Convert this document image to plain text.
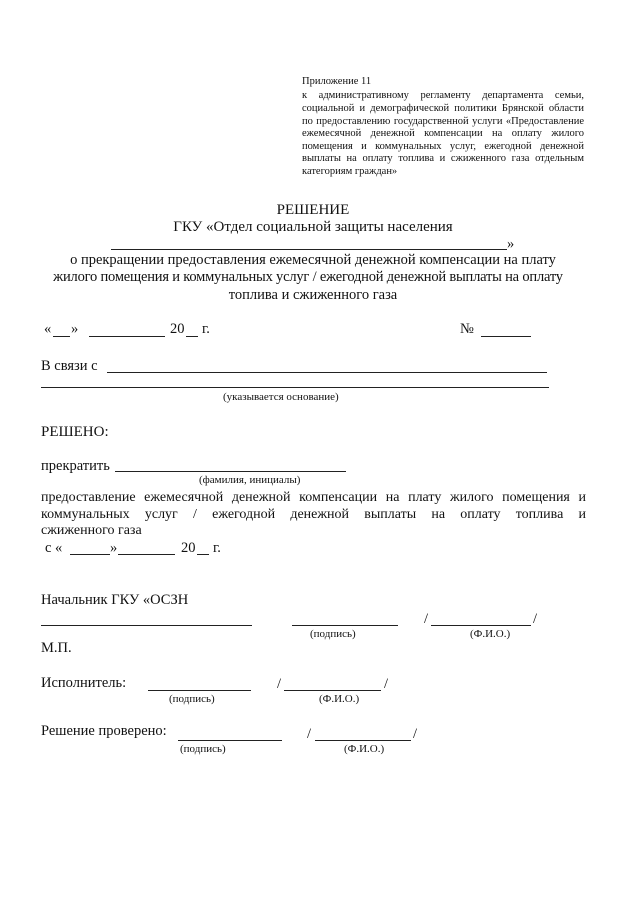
Приложение 11
к административному регламенту департамента семьи,
социальной и демографической политики Брянской области
по предоставлению государственной услуги «Предоставление
ежемесячной денежной компенсации на оплату жилого
помещения и коммунальных услуг, ежегодной денежной
выплаты на оплату топлива и сжиженного газа отдельным
категориям граждан»
РЕШЕНИЕ
ГКУ «Отдел социальной защиты населения
»
о прекращении предоставления ежемесячной денежной компенсации на плату
жилого помещения и коммунальных услуг / ежегодной денежной выплаты на оплату
топлива и сжиженного газа
« »	20 г.	№
В связи с
(указывается основание)
РЕШЕНО:
прекратить
(фамилия, инициалы)
предоставление ежемесячной денежной компенсации на плату жилого помещения и
коммунальных услуг / ежегодной денежной выплаты на оплату топлива и
сжиженного газа
с «	»	20 г.
Начальник ГКУ «ОСЗН
/	/
(подпись)	(Ф.И.О.)
М.П.
Исполнитель:	/	/
(подпись)	(Ф.И.О.)
Решение проверено:	/	/
(подпись)	(Ф.И.О.)
